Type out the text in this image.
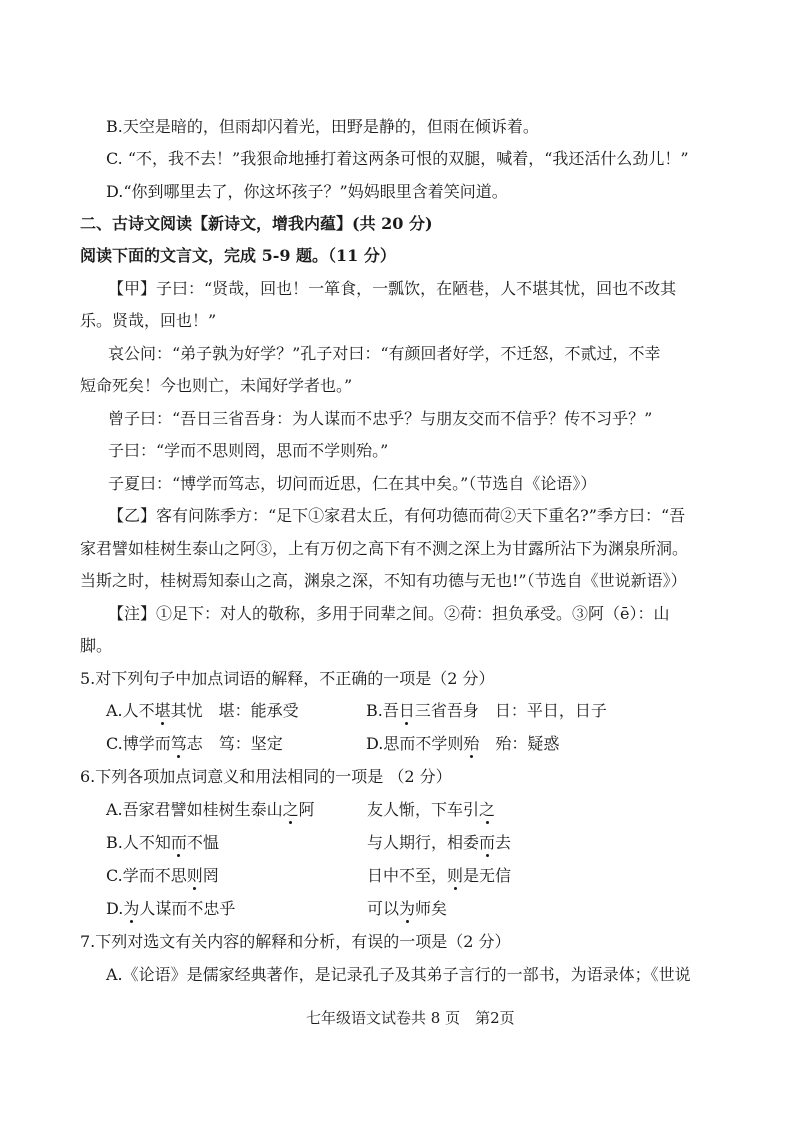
B.天空是暗的，但雨却闪着光，田野是静的，但雨在倾诉着。
C. “不，我不去！”我狠命地捶打着这两条可恨的双腿，喊着，“我还活什么劲儿！”
D.“你到哪里去了，你这坏孩子？”妈妈眼里含着笑问道。
二、古诗文阅读【新诗文，增我内蕴】(共 20 分)
阅读下面的文言文，完成 5-9 题。（11 分）
【甲】子曰：“贤哉，回也！一箪食，一瓢饮，在陋巷，人不堪其忧，回也不改其
乐。贤哉，回也！”
哀公问：“弟子孰为好学？”孔子对曰：“有颜回者好学，不迁怒，不贰过，不幸
短命死矣！今也则亡，未闻好学者也。”
曾子曰：“吾日三省吾身：为人谋而不忠乎？与朋友交而不信乎？传不习乎？”
子曰：“学而不思则罔，思而不学则殆。”
子夏曰：“博学而笃志，切问而近思，仁在其中矣。”（节选自《论语》）
【乙】客有问陈季方：“足下①家君太丘，有何功德而荷②天下重名?”季方曰：“吾
家君譬如桂树生泰山之阿③，上有万仞之高下有不测之深上为甘露所沾下为渊泉所洞。
当斯之时，桂树焉知泰山之高，渊泉之深，不知有功德与无也!”（节选自《世说新语》）
【注】①足下：对人的敬称，多用于同辈之间。②荷：担负承受。③阿（ē）：山
脚。
5.对下列句子中加点词语的解释，不正确的一项是（2 分）
A.人不堪其忧　堪：能承受	B.吾日三省吾身　日：平日，日子
C.博学而笃志　笃：坚定	D.思而不学则殆　殆：疑惑
6.下列各项加点词意义和用法相同的一项是 （2 分）
A.吾家君譬如桂树生泰山之阿	友人惭，下车引之
B.人不知而不愠	与人期行，相委而去
C.学而不思则罔	日中不至，则是无信
D.为人谋而不忠乎	可以为师矣
7.下列对选文有关内容的解释和分析，有误的一项是（2 分）
A.《论语》是儒家经典著作，是记录孔子及其弟子言行的一部书，为语录体；《世说
七年级语文试卷共 8 页　第2页
